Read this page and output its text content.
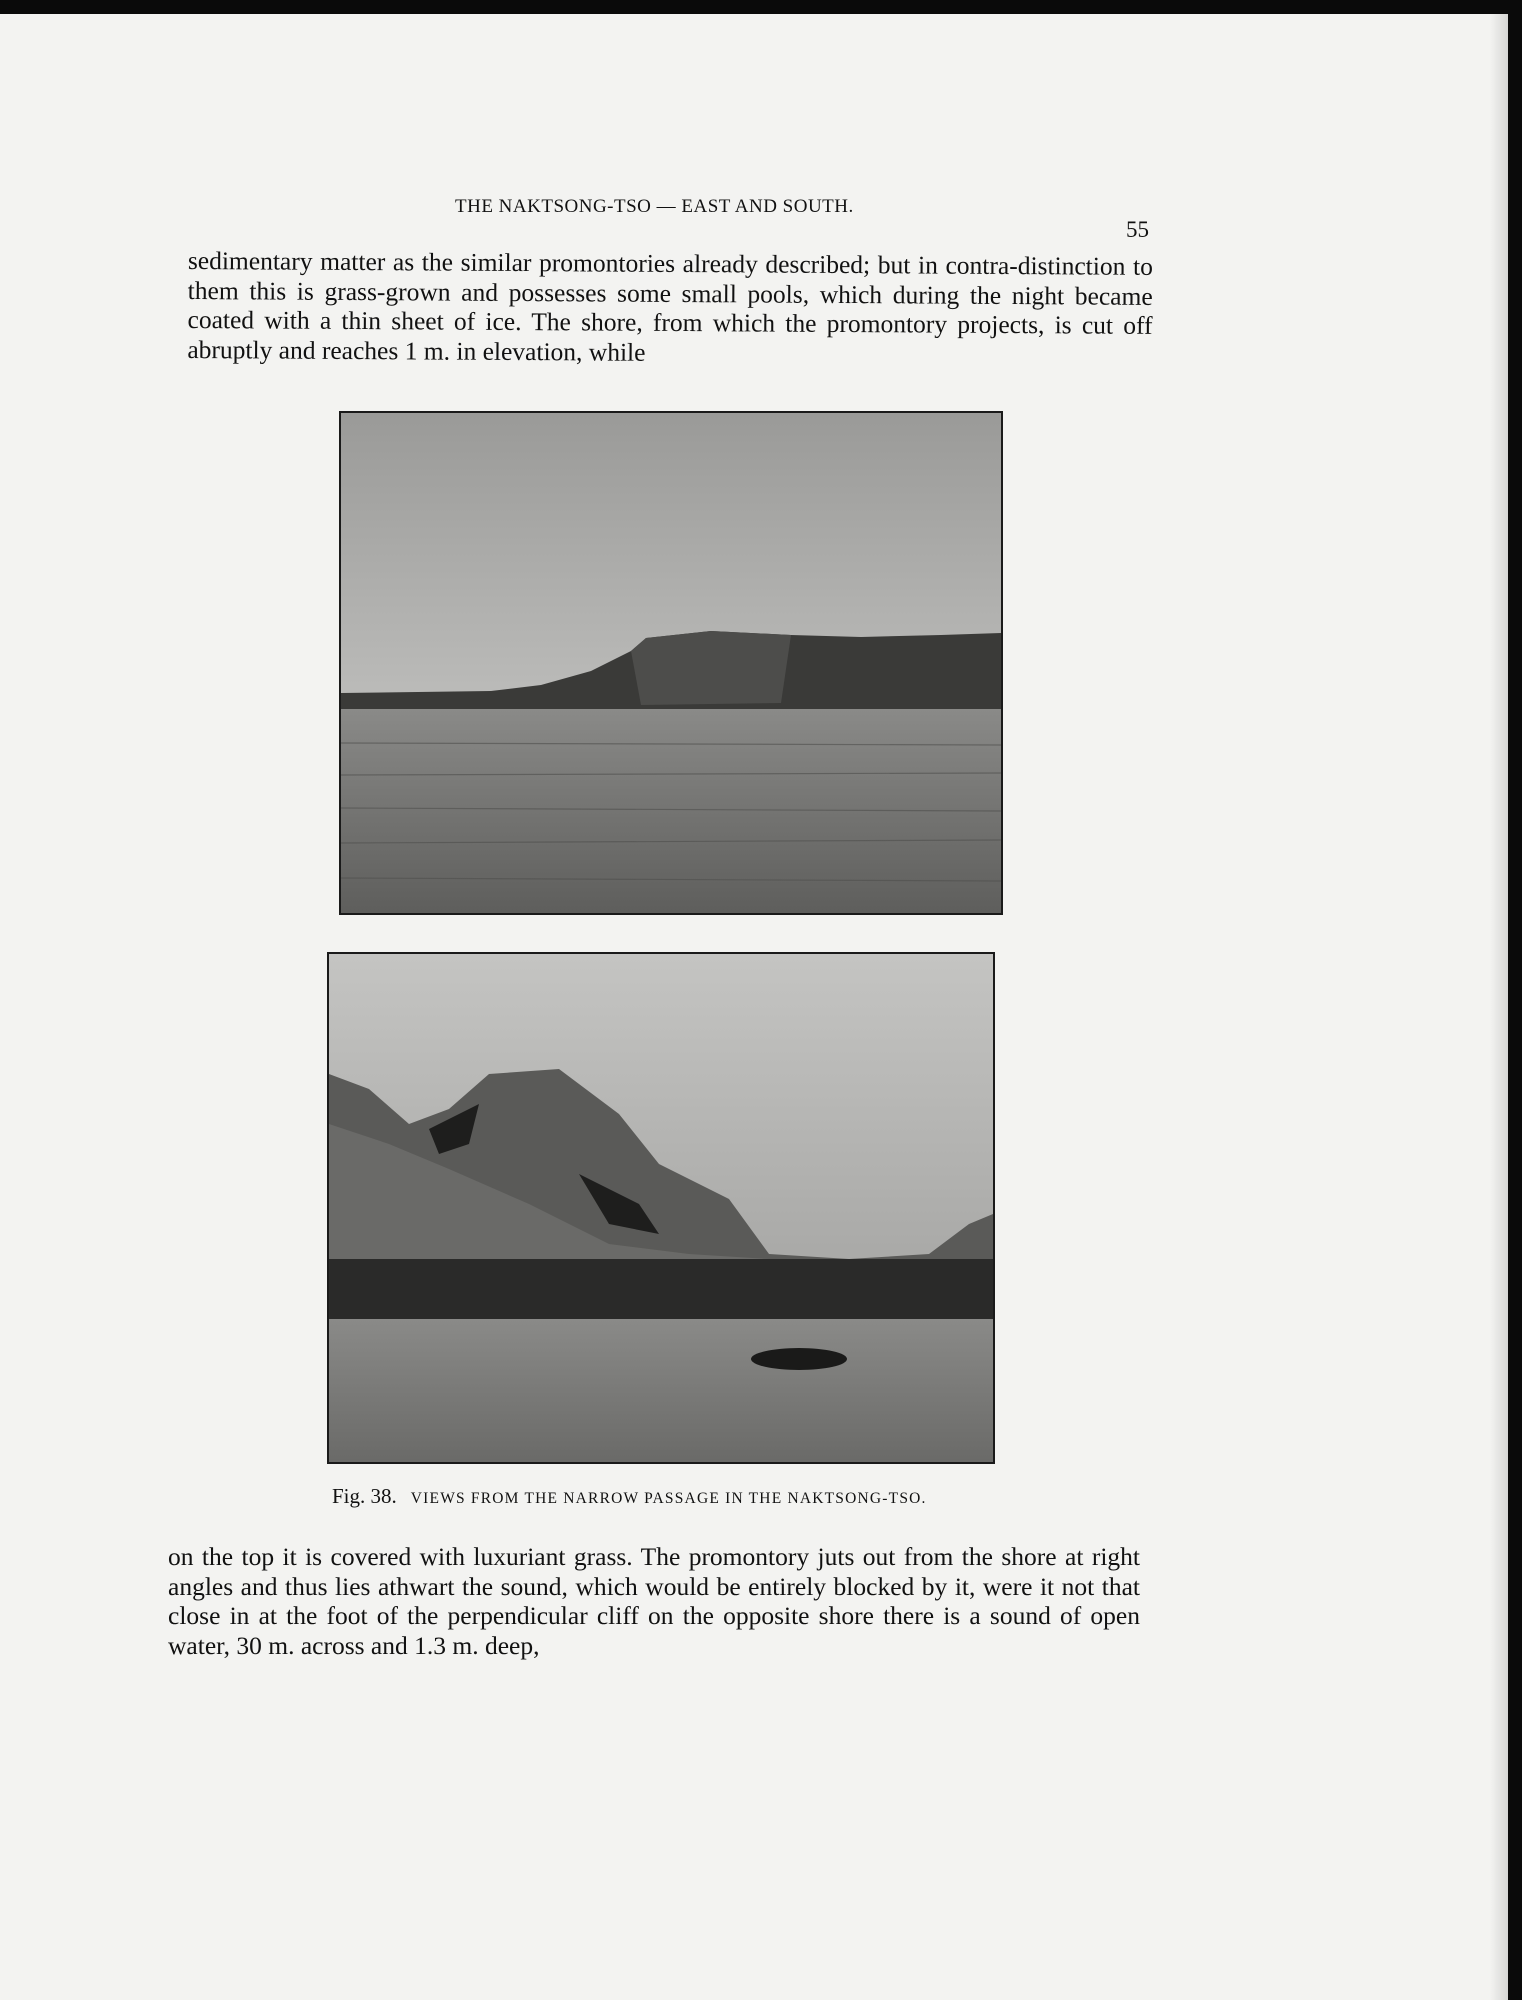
THE NAKTSONG-TSO — EAST AND SOUTH.
55

sedimentary matter as the similar promontories already described; but in contra-distinction to them this is grass-grown and possesses some small pools, which during the night became coated with a thin sheet of ice. The shore, from which the promontory projects, is cut off abruptly and reaches 1 m. in elevation, while

Fig. 38. VIEWS FROM THE NARROW PASSAGE IN THE NAKTSONG-TSO.

on the top it is covered with luxuriant grass. The promontory juts out from the shore at right angles and thus lies athwart the sound, which would be entirely blocked by it, were it not that close in at the foot of the perpendicular cliff on the opposite shore there is a sound of open water, 30 m. across and 1.3 m. deep,
